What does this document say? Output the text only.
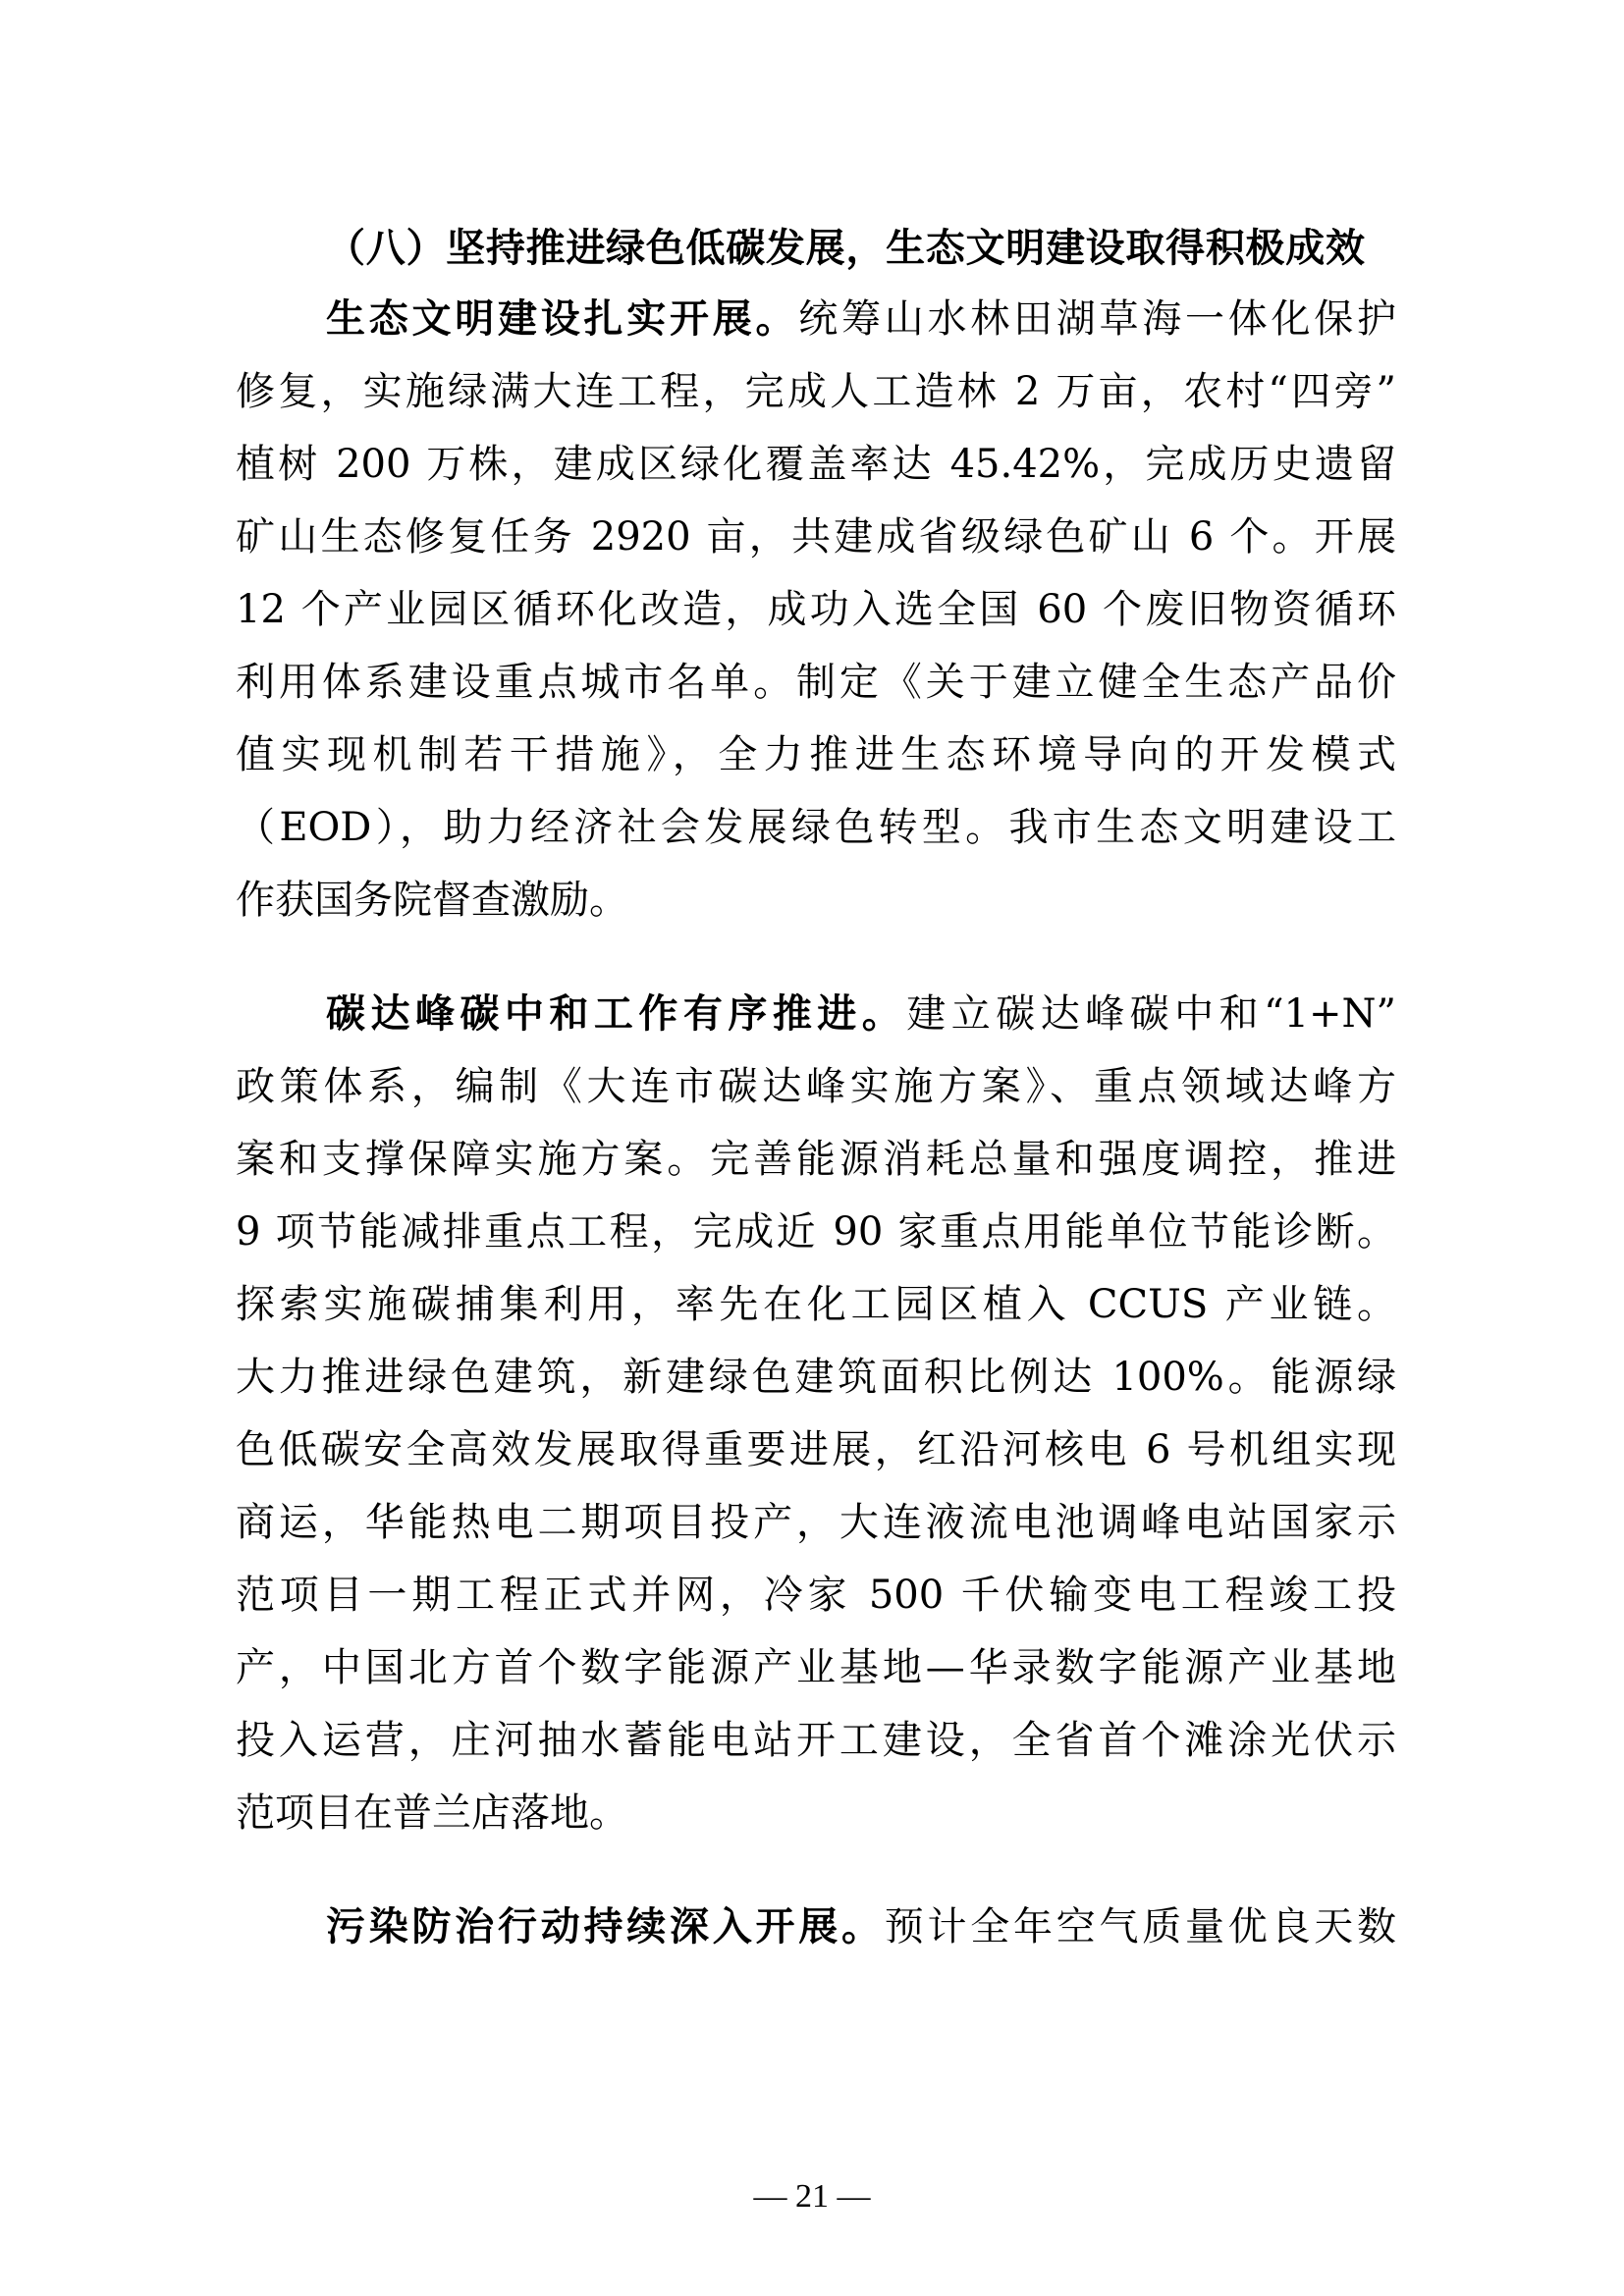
（八）坚持推进绿色低碳发展，生态文明建设取得积极成效
生态文明建设扎实开展。统筹山水林田湖草海一体化保护
修复，实施绿满大连工程，完成人工造林 2 万亩，农村“四旁”
植树 200 万株，建成区绿化覆盖率达 45.42%，完成历史遗留
矿山生态修复任务 2920 亩，共建成省级绿色矿山 6 个。开展
12 个产业园区循环化改造，成功入选全国 60 个废旧物资循环
利用体系建设重点城市名单。制定《关于建立健全生态产品价
值实现机制若干措施》，全力推进生态环境导向的开发模式
（EOD），助力经济社会发展绿色转型。我市生态文明建设工
作获国务院督查激励。
碳达峰碳中和工作有序推进。建立碳达峰碳中和“1+N”
政策体系，编制《大连市碳达峰实施方案》、重点领域达峰方
案和支撑保障实施方案。完善能源消耗总量和强度调控，推进
9 项节能减排重点工程，完成近 90 家重点用能单位节能诊断。
探索实施碳捕集利用，率先在化工园区植入 CCUS 产业链。
大力推进绿色建筑，新建绿色建筑面积比例达 100%。能源绿
色低碳安全高效发展取得重要进展，红沿河核电 6 号机组实现
商运，华能热电二期项目投产，大连液流电池调峰电站国家示
范项目一期工程正式并网，冷家 500 千伏输变电工程竣工投
产，中国北方首个数字能源产业基地—华录数字能源产业基地
投入运营，庄河抽水蓄能电站开工建设，全省首个滩涂光伏示
范项目在普兰店落地。
污染防治行动持续深入开展。预计全年空气质量优良天数
— 21 —
